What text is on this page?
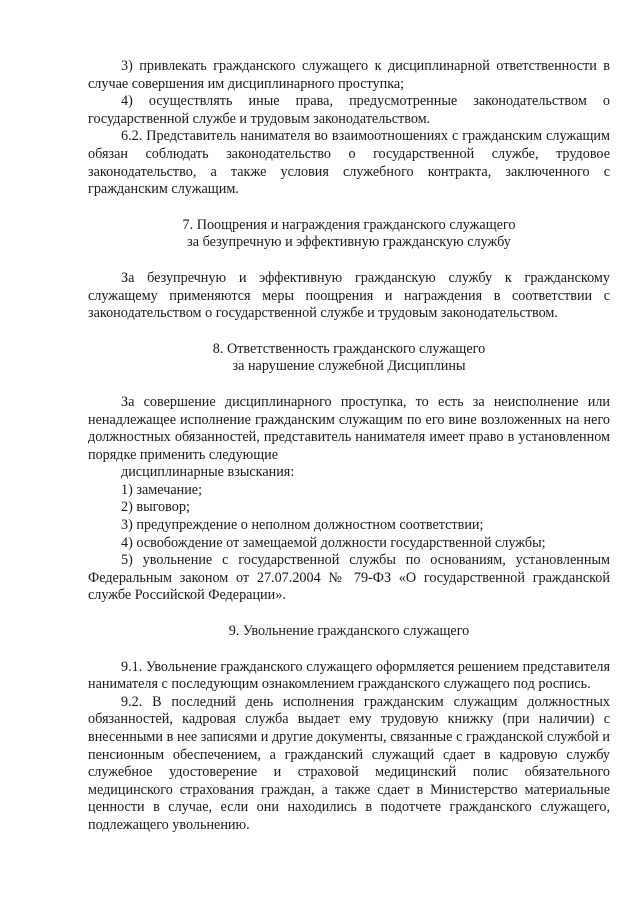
3) привлекать гражданского служащего к дисциплинарной ответственности в случае совершения им дисциплинарного проступка;

4) осуществлять иные права, предусмотренные законодательством о государственной службе и трудовым законодательством.

6.2. Представитель нанимателя во взаимоотношениях с гражданским служащим обязан соблюдать законодательство о государственной службе, трудовое законодательство, а также условия служебного контракта, заключенного с гражданским служащим.

7. Поощрения и награждения гражданского служащего

за безупречную и эффективную гражданскую службу

За безупречную и эффективную гражданскую службу к гражданскому служащему применяются меры поощрения и награждения в соответствии с законодательством о государственной службе и трудовым законодательством.

8. Ответственность гражданского служащего

за нарушение служебной Дисциплины

За совершение дисциплинарного проступка, то есть за неисполнение или ненадлежащее исполнение гражданским служащим по его вине возложенных на него должностных обязанностей, представитель нанимателя имеет право в установленном порядке применить следующие

дисциплинарные взыскания:

1) замечание;

2) выговор;

3) предупреждение о неполном должностном соответствии;

4) освобождение от замещаемой должности государственной службы;

5) увольнение с государственной службы по основаниям, установленным Федеральным законом от 27.07.2004 № 79-ФЗ «О государственной гражданской службе Российской Федерации».

9. Увольнение гражданского служащего

9.1. Увольнение гражданского служащего оформляется решением представителя нанимателя с последующим ознакомлением гражданского служащего под роспись.

9.2. В последний день исполнения гражданским служащим должностных обязанностей, кадровая служба выдает ему трудовую книжку (при наличии) с внесенными в нее записями и другие документы, связанные с гражданской службой и пенсионным обеспечением, а гражданский служащий сдает в кадровую службу служебное удостоверение и страховой медицинский полис обязательного медицинского страхования граждан, а также сдает в Министерство материальные ценности в случае, если они находились в подотчете гражданского служащего, подлежащего увольнению.
